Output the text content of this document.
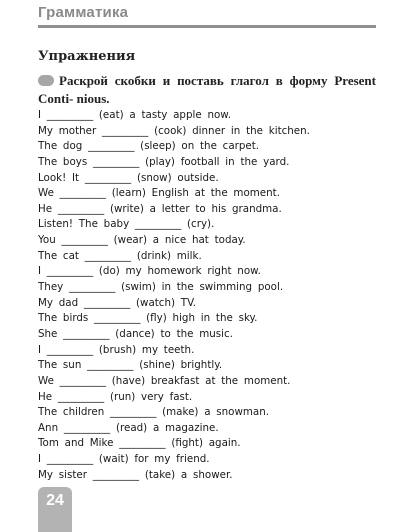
Грамматика
Упражнения
Раскрой скобки и поставь глагол в форму Present Conti- nious.
I _________ (eat) a tasty apple now.
My mother _________ (cook) dinner in the kitchen.
The dog _________ (sleep) on the carpet.
The boys _________ (play) football in the yard.
Look! It _________ (snow) outside.
We _________ (learn) English at the moment.
He _________ (write) a letter to his grandma.
Listen! The baby _________ (cry).
You _________ (wear) a nice hat today.
The cat _________ (drink) milk.
I _________ (do) my homework right now.
They _________ (swim) in the swimming pool.
My dad _________ (watch) TV.
The birds _________ (fly) high in the sky.
She _________ (dance) to the music.
I _________ (brush) my teeth.
The sun _________ (shine) brightly.
We _________ (have) breakfast at the moment.
He _________ (run) very fast.
The children _________ (make) a snowman.
Ann _________ (read) a magazine.
Tom and Mike _________ (fight) again.
I _________ (wait) for my friend.
My sister _________ (take) a shower.
24
